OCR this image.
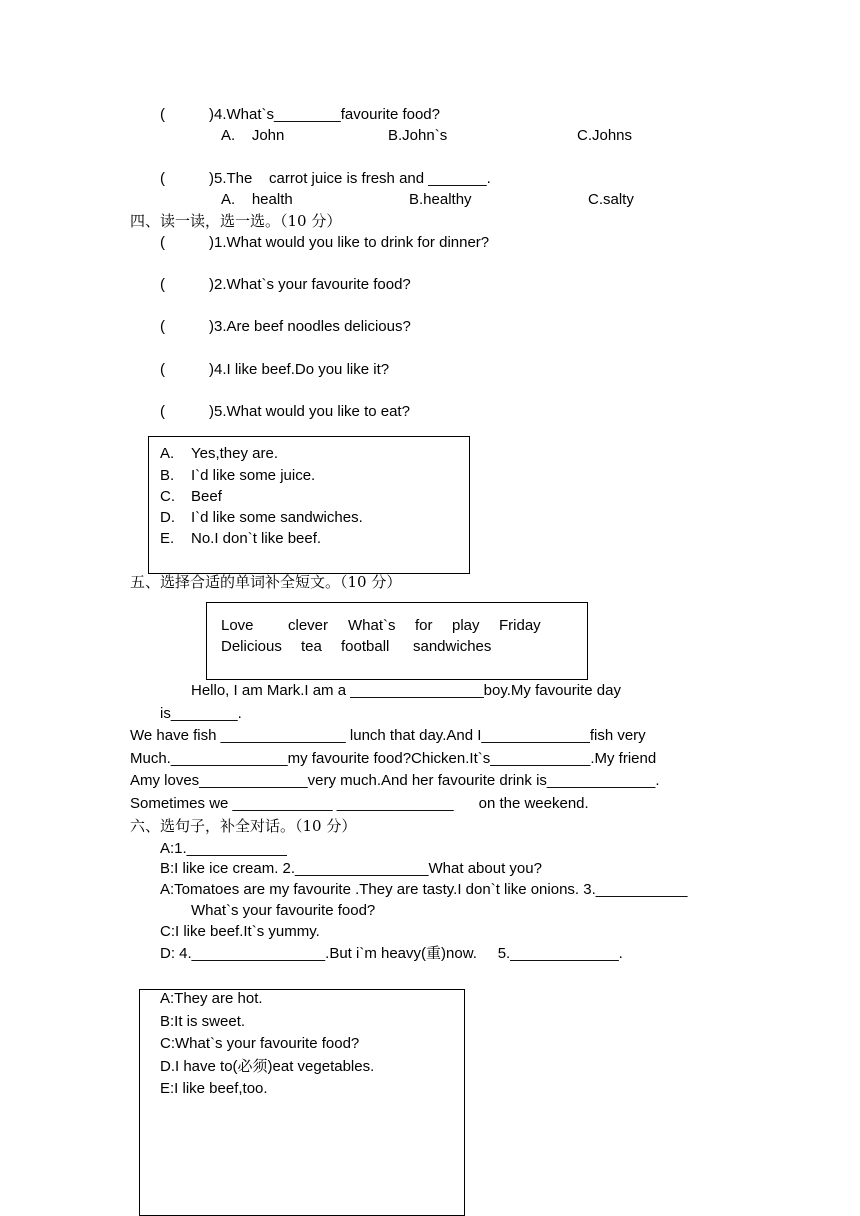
(	)4.What`s________favourite food?
A.    John	B.John`s	C.Johns
(	)5.The    carrot juice is fresh and _______.
A.    health	B.healthy	C.salty
四、读一读，选一选。（10 分）
(	)1.What would you like to drink for dinner?
(	)2.What`s your favourite food?
(	)3.Are beef noodles delicious?
(	)4.I like beef.Do you like it?
(	)5.What would you like to eat?
A. Yes,they are.
B. I`d like some juice.
C. Beef
D. I`d like some sandwiches.
E. No.I don`t like beef.
五、选择合适的单词补全短文。（10 分）
Love clever What`s for play Friday
Delicious tea football sandwiches
Hello, I am Mark.I am a ________________boy.My favourite day
is________.
We have fish _______________ lunch that day.And I_____________fish very
Much.______________my favourite food?Chicken.It`s____________.My friend
Amy loves_____________very much.And her favourite drink is_____________.
Sometimes we ____________ ______________      on the weekend.
六、选句子，补全对话。（10 分）
A:1.____________
B:I like ice cream. 2.________________What about you?
A:Tomatoes are my favourite .They are tasty.I don`t like onions. 3.___________
What`s your favourite food?
C:I like beef.It`s yummy.
D: 4.________________.But i`m heavy(重)now.     5._____________.
A:They are hot.
B:It is sweet.
C:What`s your favourite food?
D.I have to(必须)eat vegetables.
E:I like beef,too.
